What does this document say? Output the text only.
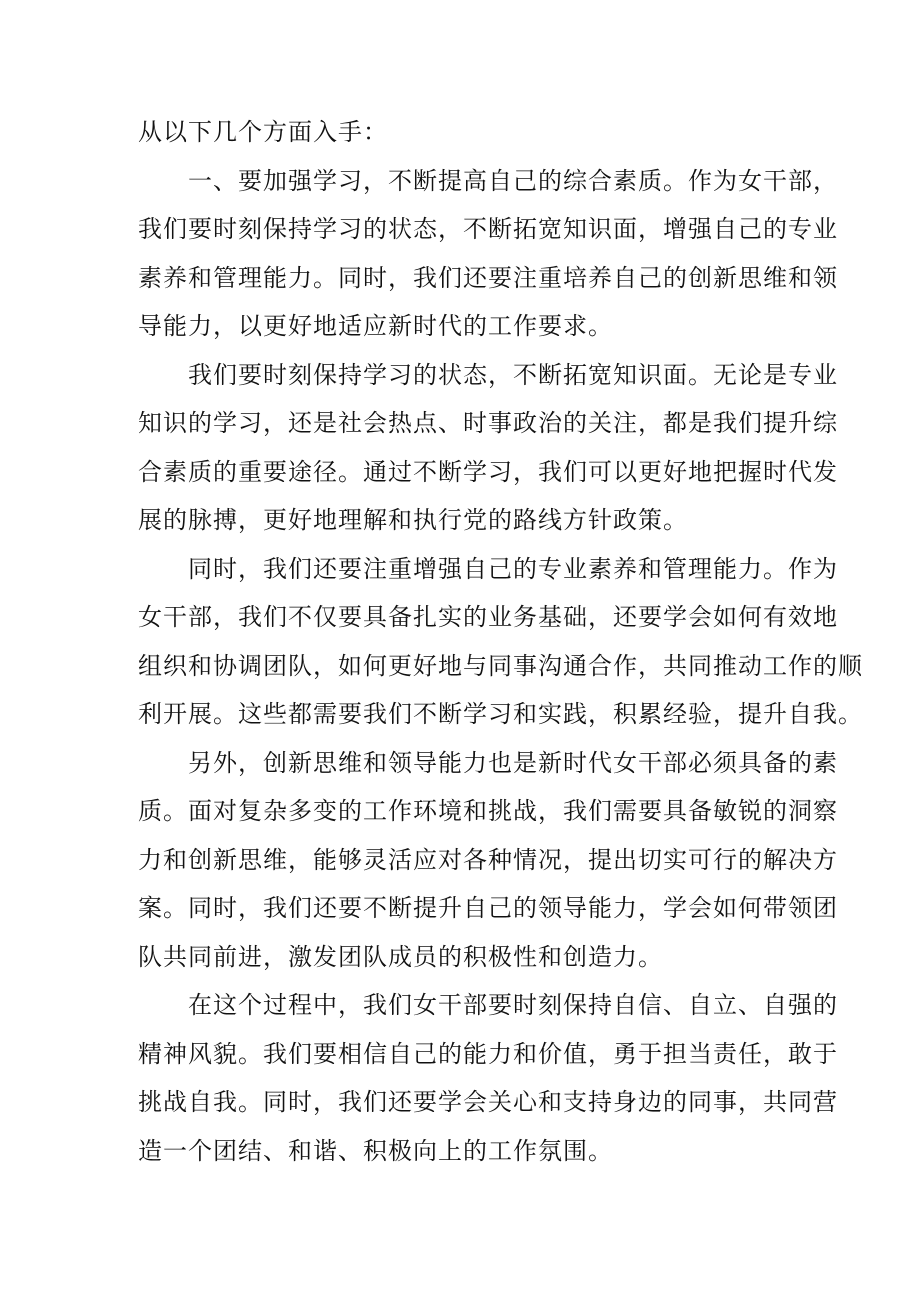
从以下几个方面入手：

一、要加强学习，不断提高自己的综合素质。作为女干部，
我们要时刻保持学习的状态，不断拓宽知识面，增强自己的专业
素养和管理能力。同时，我们还要注重培养自己的创新思维和领
导能力，以更好地适应新时代的工作要求。

我们要时刻保持学习的状态，不断拓宽知识面。无论是专业
知识的学习，还是社会热点、时事政治的关注，都是我们提升综
合素质的重要途径。通过不断学习，我们可以更好地把握时代发
展的脉搏，更好地理解和执行党的路线方针政策。

同时，我们还要注重增强自己的专业素养和管理能力。作为
女干部，我们不仅要具备扎实的业务基础，还要学会如何有效地
组织和协调团队，如何更好地与同事沟通合作，共同推动工作的顺
利开展。这些都需要我们不断学习和实践，积累经验，提升自我。

另外，创新思维和领导能力也是新时代女干部必须具备的素
质。面对复杂多变的工作环境和挑战，我们需要具备敏锐的洞察
力和创新思维，能够灵活应对各种情况，提出切实可行的解决方
案。同时，我们还要不断提升自己的领导能力，学会如何带领团
队共同前进，激发团队成员的积极性和创造力。

在这个过程中，我们女干部要时刻保持自信、自立、自强的
精神风貌。我们要相信自己的能力和价值，勇于担当责任，敢于
挑战自我。同时，我们还要学会关心和支持身边的同事，共同营
造一个团结、和谐、积极向上的工作氛围。
